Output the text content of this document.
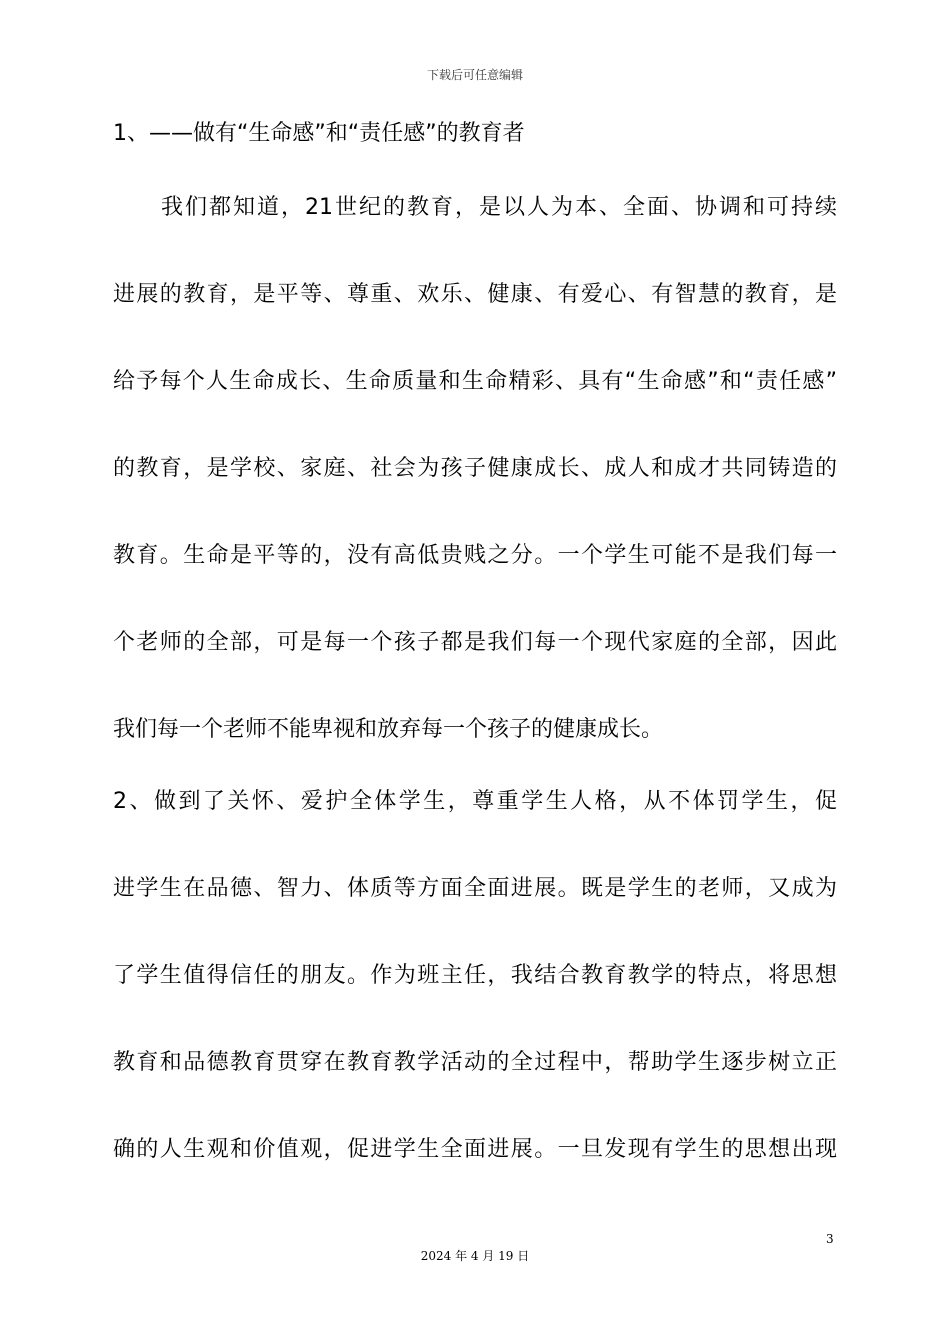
下载后可任意编辑
1、——做有“生命感”和“责任感”的教育者
　　我们都知道，21世纪的教育，是以人为本、全面、协调和可持续
进展的教育，是平等、尊重、欢乐、健康、有爱心、有智慧的教育，是
给予每个人生命成长、生命质量和生命精彩、具有“生命感”和“责任感”
的教育，是学校、家庭、社会为孩子健康成长、成人和成才共同铸造的
教育。生命是平等的，没有高低贵贱之分。一个学生可能不是我们每一
个老师的全部，可是每一个孩子都是我们每一个现代家庭的全部，因此
我们每一个老师不能卑视和放弃每一个孩子的健康成长。
2、做到了关怀、爱护全体学生，尊重学生人格，从不体罚学生，促
进学生在品德、智力、体质等方面全面进展。既是学生的老师，又成为
了学生值得信任的朋友。作为班主任，我结合教育教学的特点，将思想
教育和品德教育贯穿在教育教学活动的全过程中，帮助学生逐步树立正
确的人生观和价值观，促进学生全面进展。一旦发现有学生的思想出现
3
2024 年 4 月 19 日
